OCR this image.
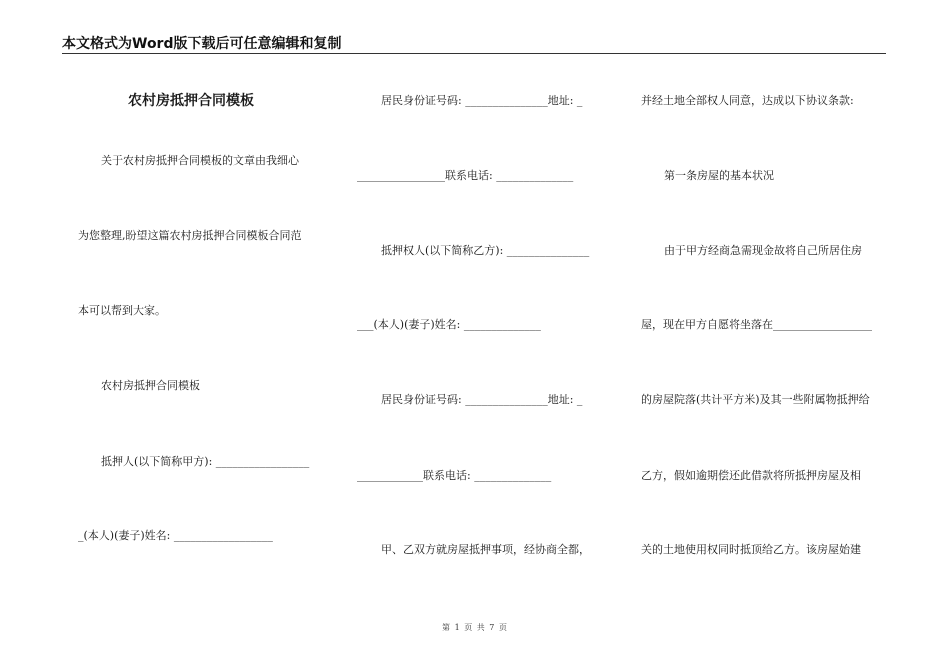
本文格式为Word版下载后可任意编辑和复制
农村房抵押合同模板
关于农村房抵押合同模板的文章由我细心
为您整理,盼望这篇农村房抵押合同模板合同范
本可以帮到大家。
农村房抵押合同模板
抵押人(以下简称甲方): _________________
_(本人)(妻子)姓名: __________________
居民身份证号码: _______________地址: _
________________联系电话: ______________
抵押权人(以下简称乙方): _______________
___(本人)(妻子)姓名: ______________
居民身份证号码: _______________地址: _
____________联系电话: ______________
甲、乙双方就房屋抵押事项，经协商全都，
并经土地全部权人同意，达成以下协议条款:
第一条房屋的基本状况
由于甲方经商急需现金故将自己所居住房
屋，现在甲方自愿将坐落在__________________
的房屋院落(共计平方米)及其一些附属物抵押给
乙方，假如逾期偿还此借款将所抵押房屋及相
关的土地使用权同时抵顶给乙方。该房屋始建
第 1 页 共 7 页
